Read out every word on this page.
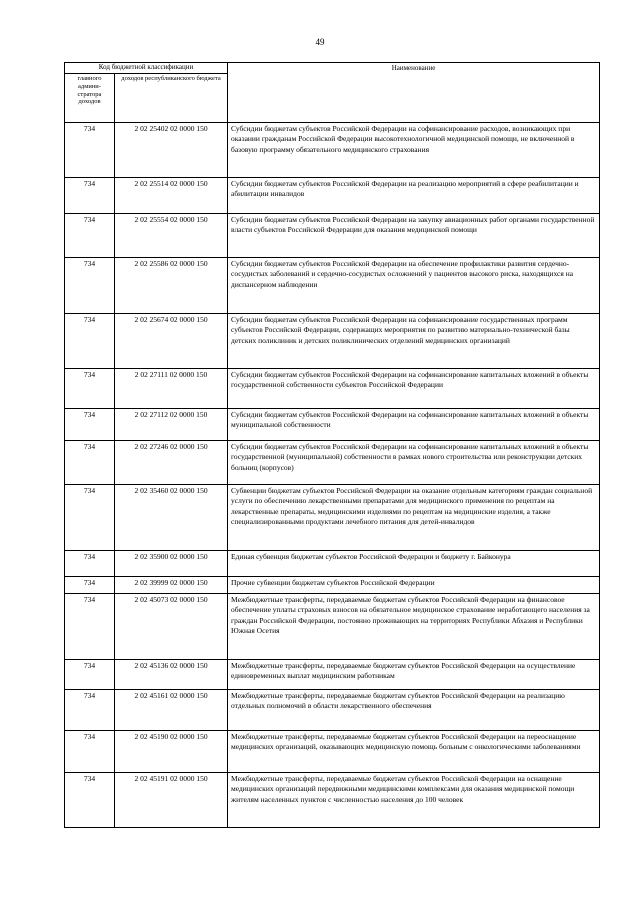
49
Код бюджетной классификации		Наименование
главного админи- стратора доходов	доходов республиканского бюджета	
734	2 02 25402 02 0000 150	Субсидии бюджетам субъектов Российской Федерации на софинансирование расходов, возникающих при оказании гражданам Российской Федерации высокотехнологичной медицинской помощи, не включенной в базовую программу обязательного медицинского страхования
734	2 02 25514 02 0000 150	Субсидии бюджетам субъектов Российской Федерации на реализацию мероприятий в сфере реабилитации и абилитации инвалидов
734	2 02 25554 02 0000 150	Субсидии бюджетам субъектов Российской Федерации на закупку авиационных работ органами государственной власти субъектов Российской Федерации для оказания медицинской помощи
734	2 02 25586 02 0000 150	Субсидии бюджетам субъектов Российской Федерации на обеспечение профилактики развития сердечно-сосудистых заболеваний и сердечно-сосудистых осложнений у пациентов высокого риска, находящихся на диспансерном наблюдении
734	2 02 25674 02 0000 150	Субсидии бюджетам субъектов Российской Федерации на софинансирование государственных программ субъектов Российской Федерации, содержащих мероприятия по развитию материально-технической базы детских поликлиник и детских поликлинических отделений медицинских организаций
734	2 02 27111 02 0000 150	Субсидии бюджетам субъектов Российской Федерации на софинансирование капитальных вложений в объекты государственной собственности субъектов Российской Федерации
734	2 02 27112 02 0000 150	Субсидии бюджетам субъектов Российской Федерации на софинансирование капитальных вложений в объекты муниципальной собственности
734	2 02 27246 02 0000 150	Субсидии бюджетам субъектов Российской Федерации на софинансирование капитальных вложений в объекты государственной (муниципальной) собственности в рамках нового строительства или реконструкции детских больниц (корпусов)
734	2 02 35460 02 0000 150	Субвенции бюджетам субъектов Российской Федерации на оказание отдельным категориям граждан социальной услуги по обеспечению лекарственными препаратами для медицинского применения по рецептам на лекарственные препараты, медицинскими изделиями по рецептам на медицинские изделия, а также специализированными продуктами лечебного питания для детей-инвалидов
734	2 02 35900 02 0000 150	Единая субвенция бюджетам субъектов Российской Федерации и бюджету г. Байконура
734	2 02 39999 02 0000 150	Прочие субвенции бюджетам субъектов Российской Федерации
734	2 02 45073 02 0000 150	Межбюджетные трансферты, передаваемые бюджетам субъектов Российской Федерации на финансовое обеспечение уплаты страховых взносов на обязательное медицинское страхование неработающего населения за граждан Российской Федерации, постоянно проживающих на территориях Республики Абхазия и Республики Южная Осетия
734	2 02 45136 02 0000 150	Межбюджетные трансферты, передаваемые бюджетам субъектов Российской Федерации на осуществление единовременных выплат медицинским работникам
734	2 02 45161 02 0000 150	Межбюджетные трансферты, передаваемые бюджетам субъектов Российской Федерации на реализацию отдельных полномочий в области лекарственного обеспечения
734	2 02 45190 02 0000 150	Межбюджетные трансферты, передаваемые бюджетам субъектов Российской Федерации на переоснащение медицинских организаций, оказывающих медицинскую помощь больным с онкологическими заболеваниями
734	2 02 45191 02 0000 150	Межбюджетные трансферты, передаваемые бюджетам субъектов Российской Федерации на оснащение медицинских организаций передвижными медицинскими комплексами для оказания медицинской помощи жителям населенных пунктов с численностью населения до 100 человек
